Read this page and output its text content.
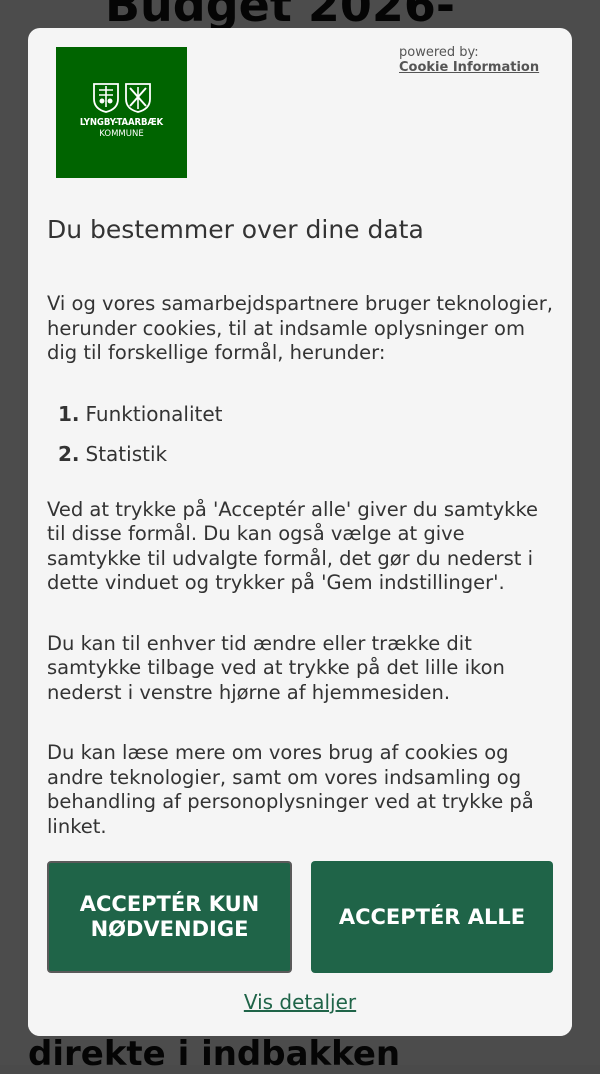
LYNGBY-TAARBÆK
KOMMUNE
powered by:
Cookie Information
Du bestemmer over dine data

Vi og vores samarbejdspartnere bruger teknologier, herunder cookies, til at indsamle oplysninger om dig til forskellige formål, herunder:

1. Funktionalitet
2. Statistik

Ved at trykke på 'Acceptér alle' giver du samtykke til disse formål. Du kan også vælge at give samtykke til udvalgte formål, det gør du nederst i dette vinduet og trykker på 'Gem indstillinger'.

Du kan til enhver tid ændre eller trække dit samtykke tilbage ved at trykke på det lille ikon nederst i venstre hjørne af hjemmesiden.

Du kan læse mere om vores brug af cookies og andre teknologier, samt om vores indsamling og behandling af personoplysninger ved at trykke på linket.

ACCEPTÉR KUN NØDVENDIGE
ACCEPTÉR ALLE
Vis detaljer
